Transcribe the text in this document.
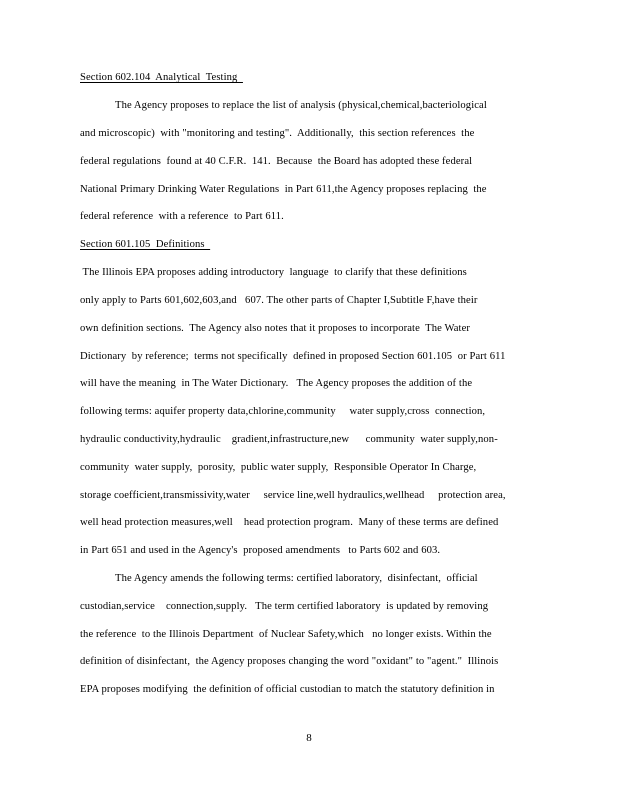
Section 602.104  Analytical  Testing
The Agency proposes to replace the list of analysis (physical,chemical,bacteriological
and microscopic)  with "monitoring and testing".  Additionally,  this section references  the
federal regulations  found at 40 C.F.R.  141.  Because  the Board has adopted these federal
National Primary Drinking Water Regulations  in Part 611,the Agency proposes replacing  the
federal reference  with a reference  to Part 611.
Section 601.105  Definitions
The Illinois EPA proposes adding introductory  language  to clarify that these definitions
only apply to Parts 601,602,603,and   607. The other parts of Chapter I,Subtitle F,have their
own definition sections.  The Agency also notes that it proposes to incorporate  The Water
Dictionary  by reference;  terms not specifically  defined in proposed Section 601.105  or Part 611
will have the meaning  in The Water Dictionary.   The Agency proposes the addition of the
following terms: aquifer property data,chlorine,community     water supply,cross  connection,
hydraulic conductivity,hydraulic    gradient,infrastructure,new      community  water supply,non-
community  water supply,  porosity,  public water supply,  Responsible Operator In Charge,
storage coefficient,transmissivity,water     service line,well hydraulics,wellhead     protection area,
well head protection measures,well    head protection program.  Many of these terms are defined
in Part 651 and used in the Agency's  proposed amendments   to Parts 602 and 603.
The Agency amends the following terms: certified laboratory,  disinfectant,  official
custodian,service    connection,supply.   The term certified laboratory  is updated by removing
the reference  to the Illinois Department  of Nuclear Safety,which   no longer exists. Within the
definition of disinfectant,  the Agency proposes changing the word "oxidant" to "agent."  Illinois
EPA proposes modifying  the definition of official custodian to match the statutory definition in
8
